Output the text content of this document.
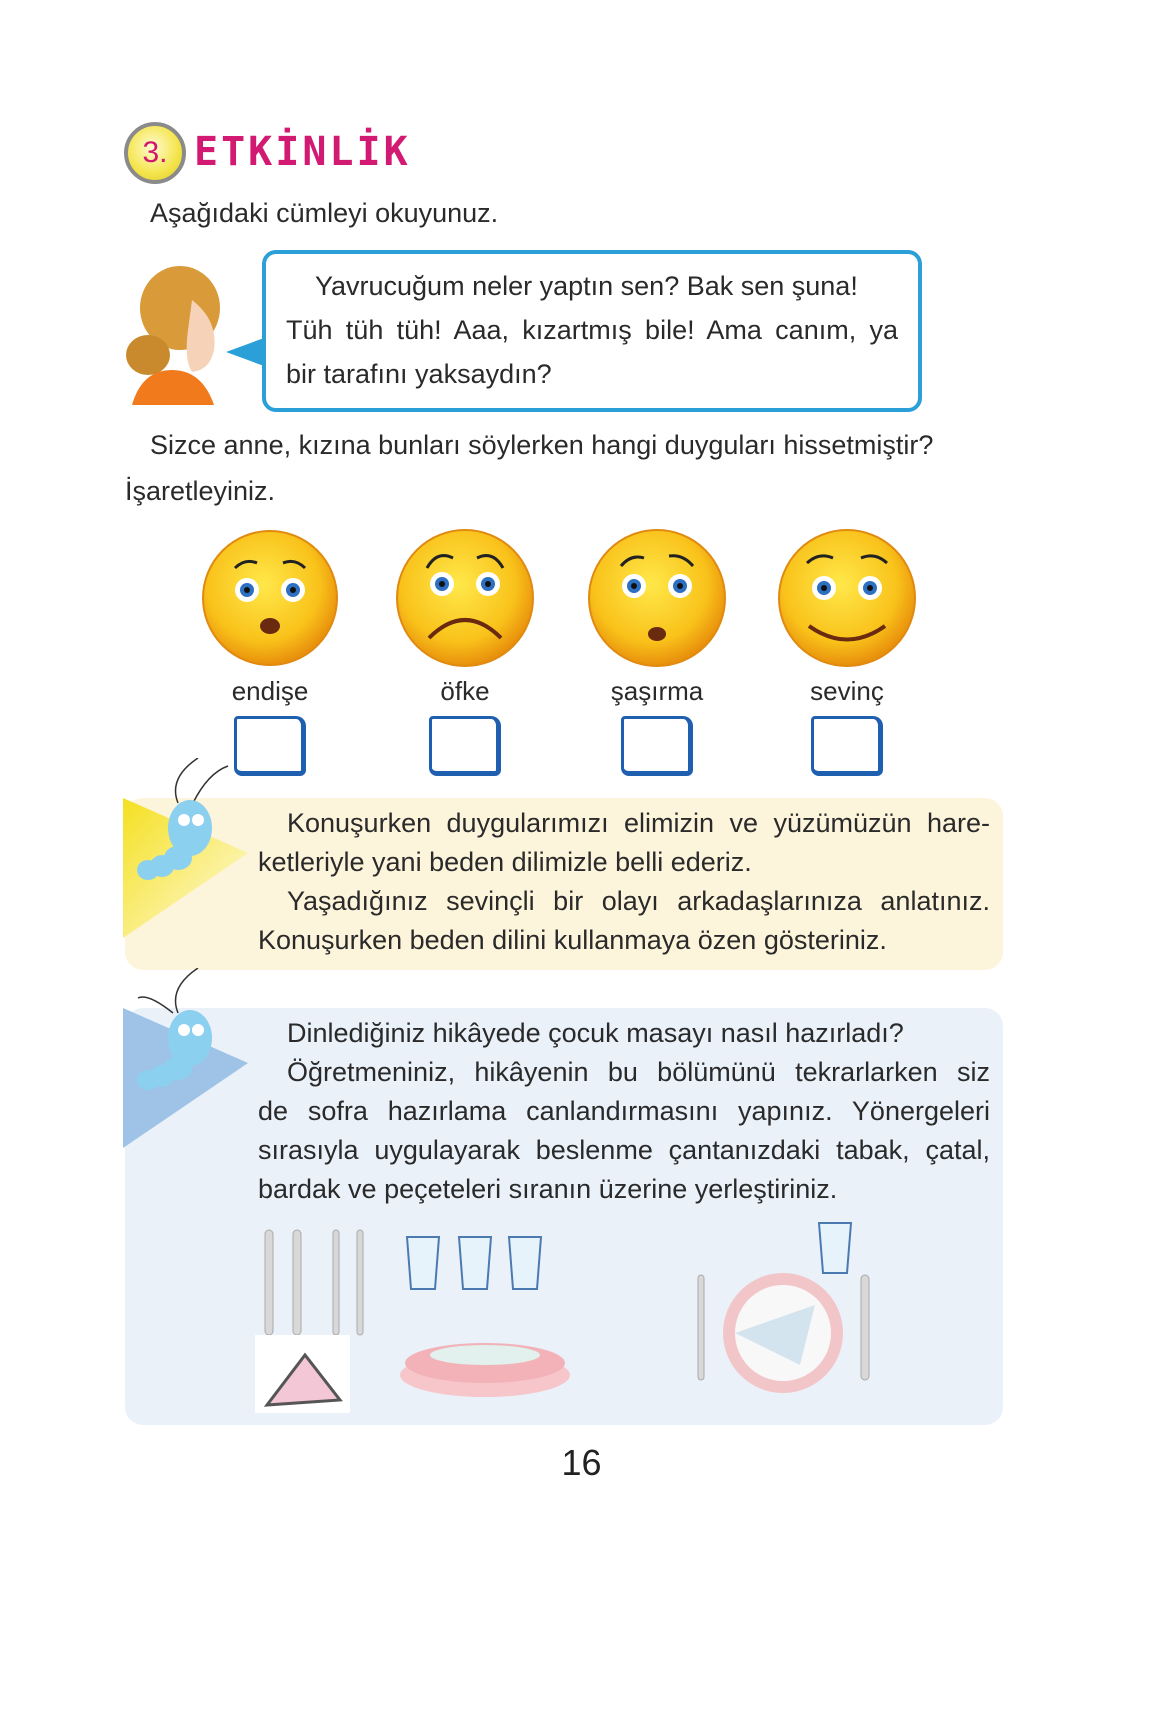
3. ETKİNLİK
Aşağıdaki cümleyi okuyunuz.
Yavrucuğum neler yaptın sen? Bak sen şuna!
Tüh tüh tüh! Aaa, kızartmış bile! Ama canım, ya
bir tarafını yaksaydın?
Sizce anne, kızına bunları söylerken hangi duyguları hissetmiştir?
İşaretleyiniz.
endişe	öfke	şaşırma	sevinç
Konuşurken duygularımızı elimizin ve yüzümüzün hare-
ketleriyle yani beden dilimizle belli ederiz.
Yaşadığınız sevinçli bir olayı arkadaşlarınıza anlatınız.
Konuşurken beden dilini kullanmaya özen gösteriniz.
Dinlediğiniz hikâyede çocuk masayı nasıl hazırladı?
Öğretmeniniz, hikâyenin bu bölümünü tekrarlarken siz
de sofra hazırlama canlandırmasını yapınız. Yönergeleri
sırasıyla uygulayarak beslenme çantanızdaki tabak, çatal,
bardak ve peçeteleri sıranın üzerine yerleştiriniz.
16
